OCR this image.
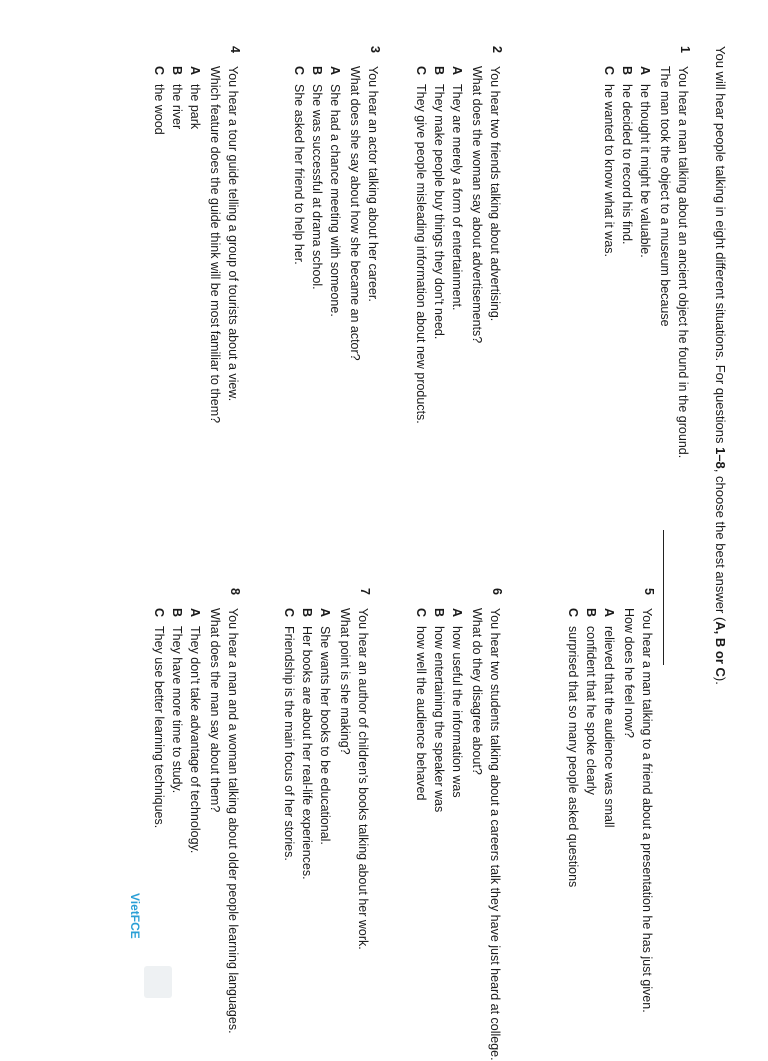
You will hear people talking in eight different situations. For questions 1–8, choose the best answer (A, B or C).
1
You hear a man talking about an ancient object he found in the ground.
The man took the object to a museum because
Ahe thought it might be valuable.
Bhe decided to record his find.
Che wanted to know what it was.
2
You hear two friends talking about advertising.
What does the woman say about advertisements?
AThey are merely a form of entertainment.
BThey make people buy things they don't need.
CThey give people misleading information about new products.
3
You hear an actor talking about her career.
What does she say about how she became an actor?
AShe had a chance meeting with someone.
BShe was successful at drama school.
CShe asked her friend to help her.
4
You hear a tour guide telling a group of tourists about a view.
Which feature does the guide think will be most familiar to them?
Athe park
Bthe river
Cthe wood
5
You hear a man talking to a friend about a presentation he has just given.
How does he feel now?
Arelieved that the audience was small
Bconfident that he spoke clearly
Csurprised that so many people asked questions
6
You hear two students talking about a careers talk they have just heard at college.
What do they disagree about?
Ahow useful the information was
Bhow entertaining the speaker was
Chow well the audience behaved
7
You hear an author of children's books talking about her work.
What point is she making?
AShe wants her books to be educational.
BHer books are about her real-life experiences.
CFriendship is the main focus of her stories.
8
You hear a man and a woman talking about older people learning languages.
What does the man say about them?
AThey don't take advantage of technology.
BThey have more time to study.
CThey use better learning techniques.
VietFCE
